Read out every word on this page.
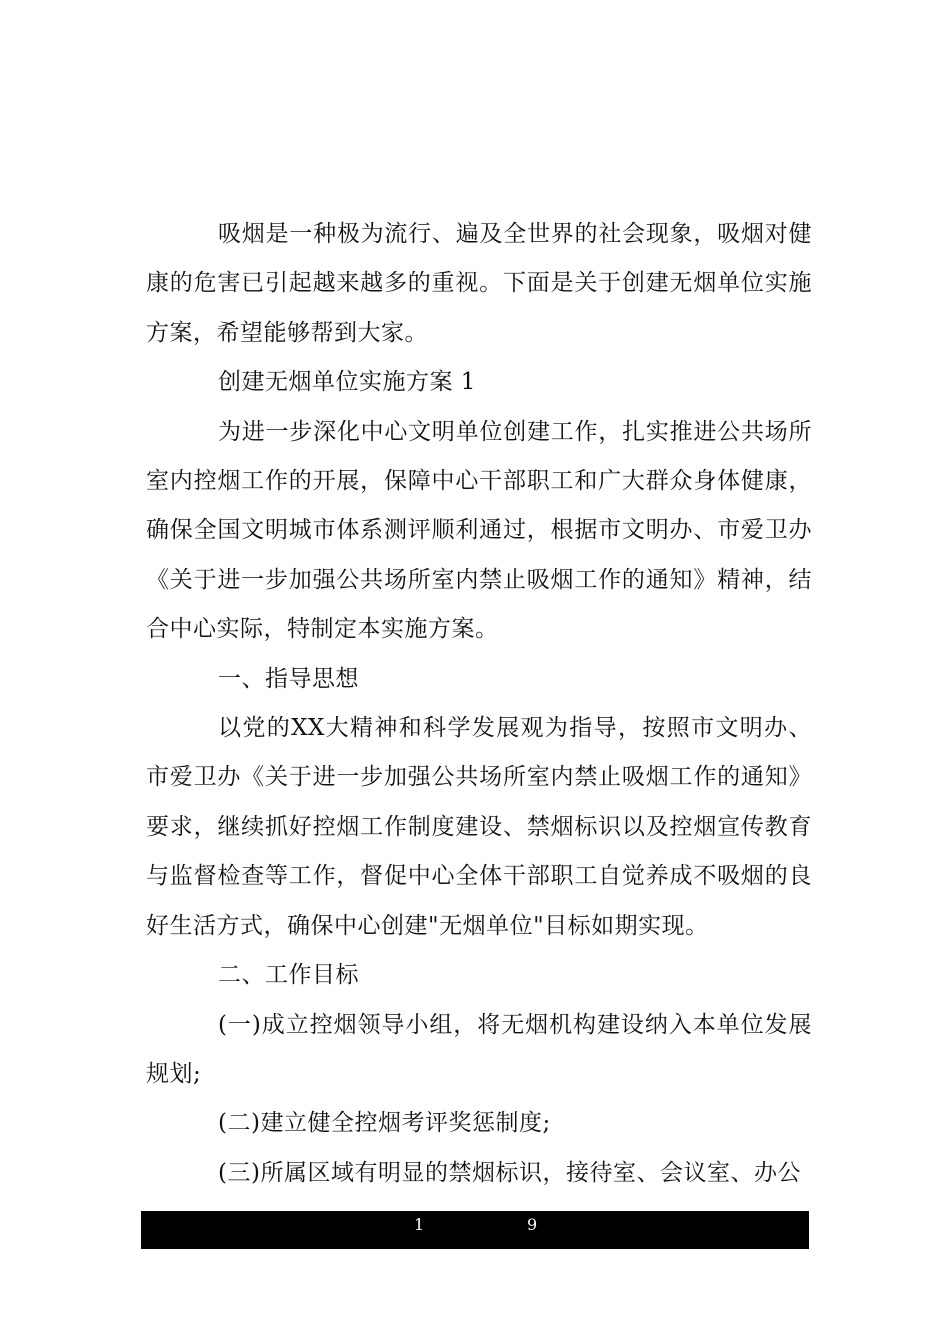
吸烟是一种极为流行、遍及全世界的社会现象，吸烟对健康的危害已引起越来越多的重视。下面是关于创建无烟单位实施方案，希望能够帮到大家。

创建无烟单位实施方案 1

为进一步深化中心文明单位创建工作，扎实推进公共场所室内控烟工作的开展，保障中心干部职工和广大群众身体健康，确保全国文明城市体系测评顺利通过，根据市文明办、市爱卫办《关于进一步加强公共场所室内禁止吸烟工作的通知》精神，结合中心实际，特制定本实施方案。

一、指导思想

以党的XX大精神和科学发展观为指导，按照市文明办、市爱卫办《关于进一步加强公共场所室内禁止吸烟工作的通知》要求，继续抓好控烟工作制度建设、禁烟标识以及控烟宣传教育与监督检查等工作，督促中心全体干部职工自觉养成不吸烟的良好生活方式，确保中心创建"无烟单位"目标如期实现。

二、工作目标

(一)成立控烟领导小组，将无烟机构建设纳入本单位发展规划;

(二)建立健全控烟考评奖惩制度;

(三)所属区域有明显的禁烟标识，接待室、会议室、办公

1	9
